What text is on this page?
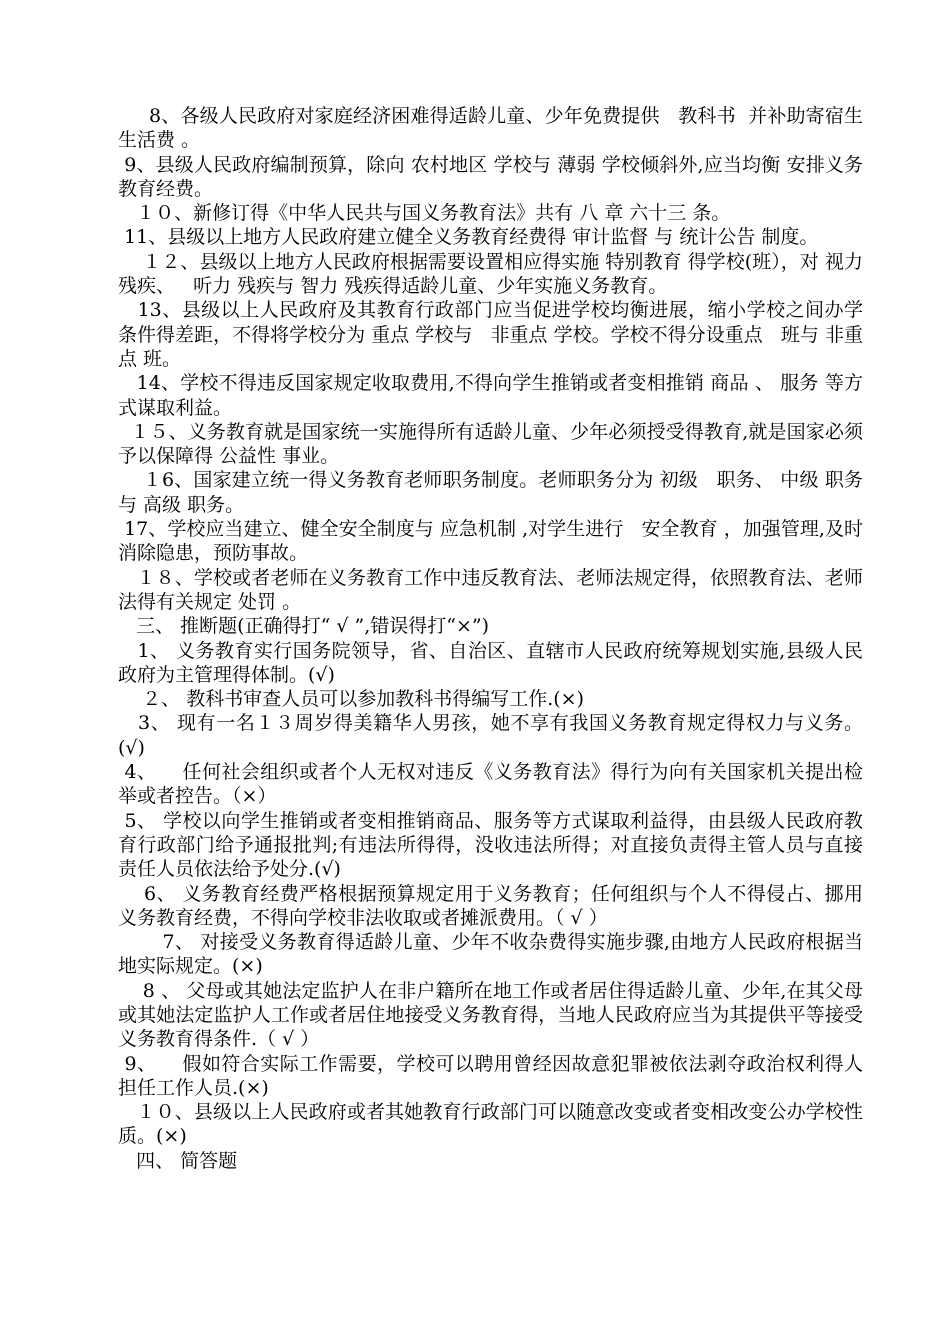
8、各级人民政府对家庭经济困难得适龄儿童、少年免费提供   教科书  并补助寄宿生 生活费 。

9、县级人民政府编制预算，除向 农村地区 学校与 薄弱 学校倾斜外,应当均衡 安排义务教育经费。

１０、新修订得《中华人民共与国义务教育法》共有 八 章 六十三 条。

11、县级以上地方人民政府建立健全义务教育经费得 审计监督 与 统计公告 制度。

１２、县级以上地方人民政府根据需要设置相应得实施 特别教育 得学校(班），对 视力   残疾、   听力 残疾与 智力 残疾得适龄儿童、少年实施义务教育。

13、县级以上人民政府及其教育行政部门应当促进学校均衡进展，缩小学校之间办学条件得差距，不得将学校分为 重点 学校与   非重点 学校。学校不得分设重点   班与 非重点 班。

14、学校不得违反国家规定收取费用,不得向学生推销或者变相推销 商品 、 服务 等方式谋取利益。

１５、义务教育就是国家统一实施得所有适龄儿童、少年必须授受得教育,就是国家必须予以保障得 公益性 事业。

１6、国家建立统一得义务教育老师职务制度。老师职务分为 初级   职务、 中级 职务与 高级 职务。

17、学校应当建立、健全安全制度与 应急机制 ,对学生进行   安全教育 ，加强管理,及时消除隐患，预防事故。

１８、学校或者老师在义务教育工作中违反教育法、老师法规定得，依照教育法、老师法得有关规定 处罚 。

三、 推断题(正确得打“ √ ”,错误得打“×”)

1、 义务教育实行国务院领导，省、自治区、直辖市人民政府统筹规划实施,县级人民政府为主管理得体制。(√)

２、 教科书审查人员可以参加教科书得编写工作.(×)

3、 现有一名１３周岁得美籍华人男孩，她不享有我国义务教育规定得权力与义务。(√)

4、    任何社会组织或者个人无权对违反《义务教育法》得行为向有关国家机关提出检举或者控告。（×）

5、 学校以向学生推销或者变相推销商品、服务等方式谋取利益得，由县级人民政府教育行政部门给予通报批判;有违法所得得，没收违法所得；对直接负责得主管人员与直接责任人员依法给予处分.(√)

6、 义务教育经费严格根据预算规定用于义务教育；任何组织与个人不得侵占、挪用义务教育经费，不得向学校非法收取或者摊派费用。（ √ ）

7、 对接受义务教育得适龄儿童、少年不收杂费得实施步骤,由地方人民政府根据当地实际规定。(×)

8 、 父母或其她法定监护人在非户籍所在地工作或者居住得适龄儿童、少年,在其父母或其她法定监护人工作或者居住地接受义务教育得，当地人民政府应当为其提供平等接受义务教育得条件.（ √ ）

9、    假如符合实际工作需要，学校可以聘用曾经因故意犯罪被依法剥夺政治权利得人担任工作人员.(×)

１０、县级以上人民政府或者其她教育行政部门可以随意改变或者变相改变公办学校性质。(×)

四、 简答题
